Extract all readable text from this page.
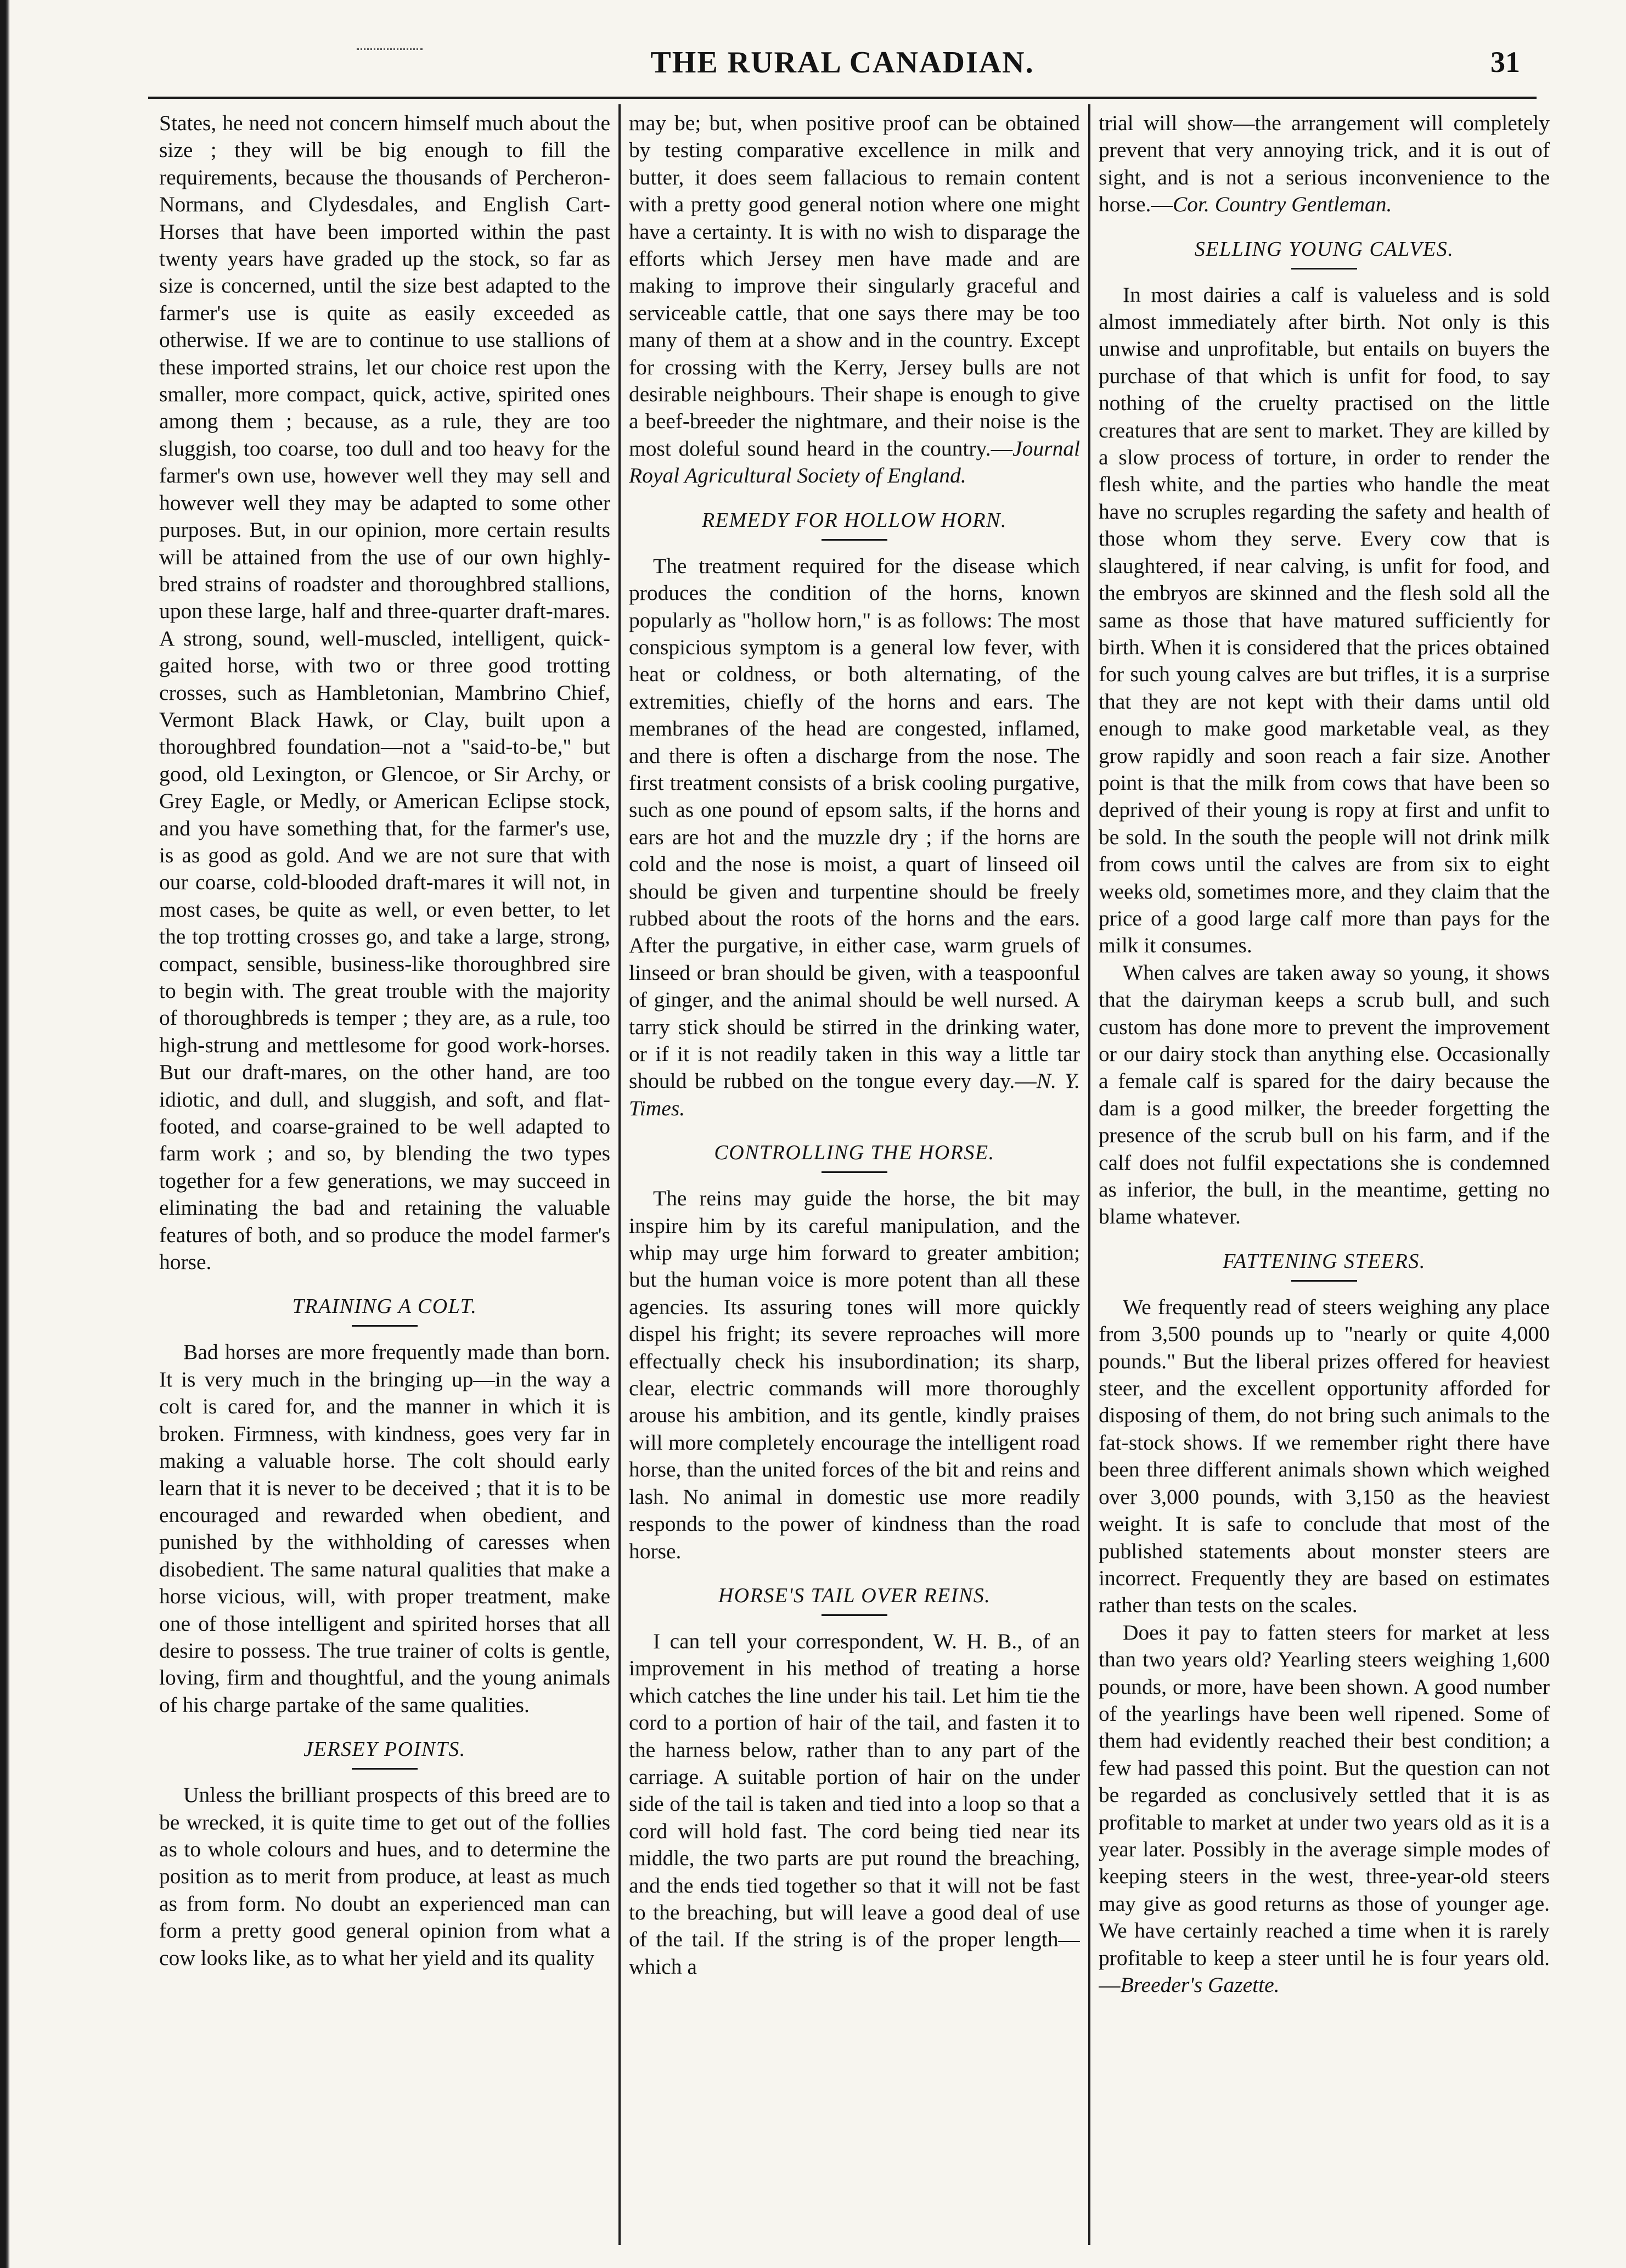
THE RURAL CANADIAN.	31

States, he need not concern himself much about the size ; they will be big enough to fill the requirements, because the thousands of Percheron-Normans, and Clydesdales, and English Cart-Horses that have been imported within the past twenty years have graded up the stock, so far as size is concerned, until the size best adapted to the farmer's use is quite as easily exceeded as otherwise. If we are to continue to use stallions of these imported strains, let our choice rest upon the smaller, more compact, quick, active, spirited ones among them ; because, as a rule, they are too sluggish, too coarse, too dull and too heavy for the farmer's own use, however well they may sell and however well they may be adapted to some other purposes. But, in our opinion, more certain results will be attained from the use of our own highly-bred strains of roadster and thoroughbred stallions, upon these large, half and three-quarter draft-mares. A strong, sound, well-muscled, intelligent, quick-gaited horse, with two or three good trotting crosses, such as Hambletonian, Mambrino Chief, Vermont Black Hawk, or Clay, built upon a thoroughbred foundation—not a "said-to-be," but good, old Lexington, or Glencoe, or Sir Archy, or Grey Eagle, or Medly, or American Eclipse stock, and you have something that, for the farmer's use, is as good as gold. And we are not sure that with our coarse, cold-blooded draft-mares it will not, in most cases, be quite as well, or even better, to let the top trotting crosses go, and take a large, strong, compact, sensible, business-like thoroughbred sire to begin with. The great trouble with the majority of thoroughbreds is temper ; they are, as a rule, too high-strung and mettlesome for good work-horses. But our draft-mares, on the other hand, are too idiotic, and dull, and sluggish, and soft, and flat-footed, and coarse-grained to be well adapted to farm work ; and so, by blending the two types together for a few generations, we may succeed in eliminating the bad and retaining the valuable features of both, and so produce the model farmer's horse.

TRAINING A COLT.

Bad horses are more frequently made than born. It is very much in the bringing up—in the way a colt is cared for, and the manner in which it is broken. Firmness, with kindness, goes very far in making a valuable horse. The colt should early learn that it is never to be deceived ; that it is to be encouraged and rewarded when obedient, and punished by the withholding of caresses when disobedient. The same natural qualities that make a horse vicious, will, with proper treatment, make one of those intelligent and spirited horses that all desire to possess. The true trainer of colts is gentle, loving, firm and thoughtful, and the young animals of his charge partake of the same qualities.

JERSEY POINTS.

Unless the brilliant prospects of this breed are to be wrecked, it is quite time to get out of the follies as to whole colours and hues, and to determine the position as to merit from produce, at least as much as from form. No doubt an experienced man can form a pretty good general opinion from what a cow looks like, as to what her yield and its quality

may be; but, when positive proof can be obtained by testing comparative excellence in milk and butter, it does seem fallacious to remain content with a pretty good general notion where one might have a certainty. It is with no wish to disparage the efforts which Jersey men have made and are making to improve their singularly graceful and serviceable cattle, that one says there may be too many of them at a show and in the country. Except for crossing with the Kerry, Jersey bulls are not desirable neighbours. Their shape is enough to give a beef-breeder the nightmare, and their noise is the most doleful sound heard in the country.—Journal Royal Agricultural Society of England.

REMEDY FOR HOLLOW HORN.

The treatment required for the disease which produces the condition of the horns, known popularly as "hollow horn," is as follows: The most conspicious symptom is a general low fever, with heat or coldness, or both alternating, of the extremities, chiefly of the horns and ears. The membranes of the head are congested, inflamed, and there is often a discharge from the nose. The first treatment consists of a brisk cooling purgative, such as one pound of epsom salts, if the horns and ears are hot and the muzzle dry ; if the horns are cold and the nose is moist, a quart of linseed oil should be given and turpentine should be freely rubbed about the roots of the horns and the ears. After the purgative, in either case, warm gruels of linseed or bran should be given, with a teaspoonful of ginger, and the animal should be well nursed. A tarry stick should be stirred in the drinking water, or if it is not readily taken in this way a little tar should be rubbed on the tongue every day.—N. Y. Times.

CONTROLLING THE HORSE.

The reins may guide the horse, the bit may inspire him by its careful manipulation, and the whip may urge him forward to greater ambition; but the human voice is more potent than all these agencies. Its assuring tones will more quickly dispel his fright; its severe reproaches will more effectually check his insubordination; its sharp, clear, electric commands will more thoroughly arouse his ambition, and its gentle, kindly praises will more completely encourage the intelligent road horse, than the united forces of the bit and reins and lash. No animal in domestic use more readily responds to the power of kindness than the road horse.

HORSE'S TAIL OVER REINS.

I can tell your correspondent, W. H. B., of an improvement in his method of treating a horse which catches the line under his tail. Let him tie the cord to a portion of hair of the tail, and fasten it to the harness below, rather than to any part of the carriage. A suitable portion of hair on the under side of the tail is taken and tied into a loop so that a cord will hold fast. The cord being tied near its middle, the two parts are put round the breaching, and the ends tied together so that it will not be fast to the breaching, but will leave a good deal of use of the tail. If the string is of the proper length—which a

trial will show—the arrangement will completely prevent that very annoying trick, and it is out of sight, and is not a serious inconvenience to the horse.—Cor. Country Gentleman.

SELLING YOUNG CALVES.

In most dairies a calf is valueless and is sold almost immediately after birth. Not only is this unwise and unprofitable, but entails on buyers the purchase of that which is unfit for food, to say nothing of the cruelty practised on the little creatures that are sent to market. They are killed by a slow process of torture, in order to render the flesh white, and the parties who handle the meat have no scruples regarding the safety and health of those whom they serve. Every cow that is slaughtered, if near calving, is unfit for food, and the embryos are skinned and the flesh sold all the same as those that have matured sufficiently for birth. When it is considered that the prices obtained for such young calves are but trifles, it is a surprise that they are not kept with their dams until old enough to make good marketable veal, as they grow rapidly and soon reach a fair size. Another point is that the milk from cows that have been so deprived of their young is ropy at first and unfit to be sold. In the south the people will not drink milk from cows until the calves are from six to eight weeks old, sometimes more, and they claim that the price of a good large calf more than pays for the milk it consumes.

When calves are taken away so young, it shows that the dairyman keeps a scrub bull, and such custom has done more to prevent the improvement or our dairy stock than anything else. Occasionally a female calf is spared for the dairy because the dam is a good milker, the breeder forgetting the presence of the scrub bull on his farm, and if the calf does not fulfil expectations she is condemned as inferior, the bull, in the meantime, getting no blame whatever.

FATTENING STEERS.

We frequently read of steers weighing any place from 3,500 pounds up to "nearly or quite 4,000 pounds." But the liberal prizes offered for heaviest steer, and the excellent opportunity afforded for disposing of them, do not bring such animals to the fat-stock shows. If we remember right there have been three different animals shown which weighed over 3,000 pounds, with 3,150 as the heaviest weight. It is safe to conclude that most of the published statements about monster steers are incorrect. Frequently they are based on estimates rather than tests on the scales.

Does it pay to fatten steers for market at less than two years old? Yearling steers weighing 1,600 pounds, or more, have been shown. A good number of the yearlings have been well ripened. Some of them had evidently reached their best condition; a few had passed this point. But the question can not be regarded as conclusively settled that it is as profitable to market at under two years old as it is a year later. Possibly in the average simple modes of keeping steers in the west, three-year-old steers may give as good returns as those of younger age. We have certainly reached a time when it is rarely profitable to keep a steer until he is four years old.—Breeder's Gazette.
